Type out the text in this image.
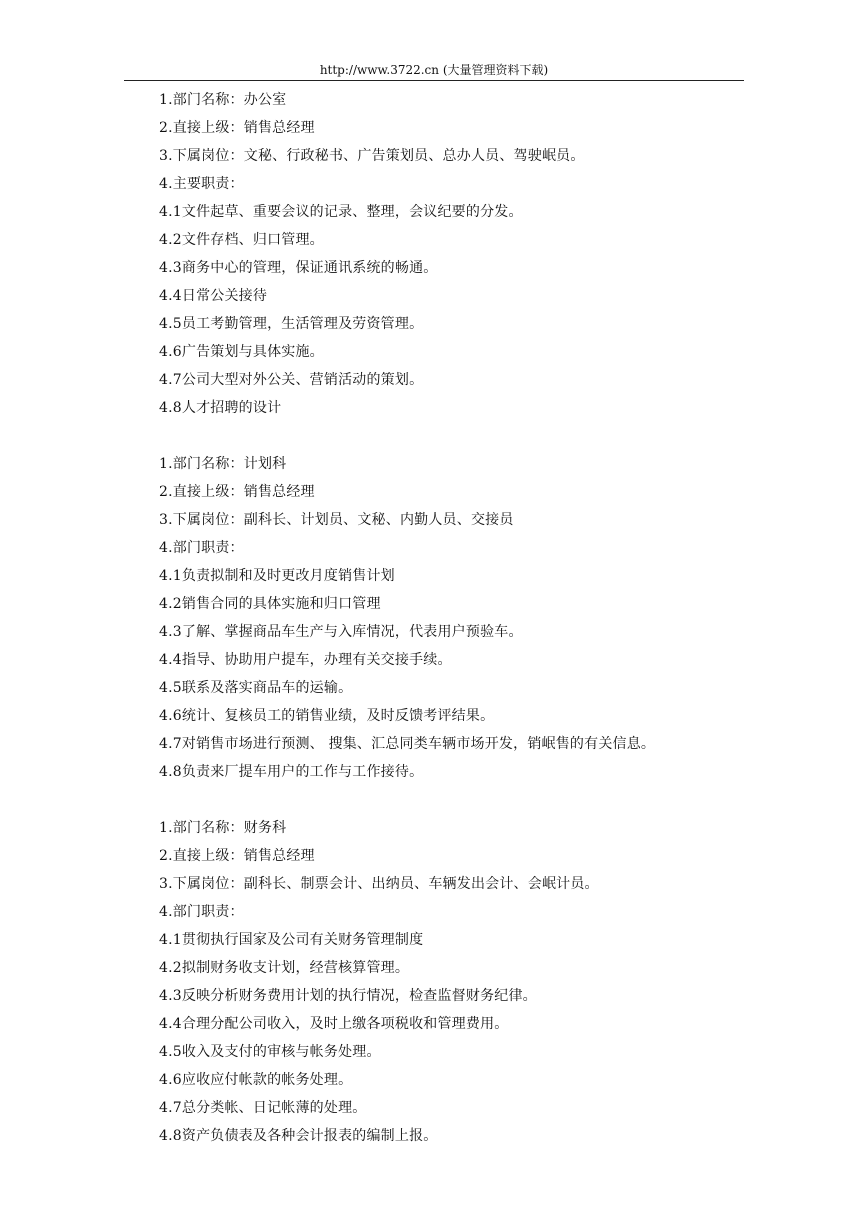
http://www.3722.cn (大量管理资料下载)
1.部门名称：办公室
2.直接上级：销售总经理
3.下属岗位：文秘、行政秘书、广告策划员、总办人员、驾驶岷员。
4.主要职责：
4.1文件起草、重要会议的记录、整理，会议纪要的分发。
4.2文件存档、归口管理。
4.3商务中心的管理，保证通讯系统的畅通。
4.4日常公关接待
4.5员工考勤管理，生活管理及劳资管理。
4.6广告策划与具体实施。
4.7公司大型对外公关、营销活动的策划。
4.8人才招聘的设计
1.部门名称：计划科
2.直接上级：销售总经理
3.下属岗位：副科长、计划员、文秘、内勤人员、交接员
4.部门职责：
4.1负责拟制和及时更改月度销售计划
4.2销售合同的具体实施和归口管理
4.3了解、掌握商品车生产与入库情况，代表用户预验车。
4.4指导、协助用户提车，办理有关交接手续。
4.5联系及落实商品车的运输。
4.6统计、复核员工的销售业绩，及时反馈考评结果。
4.7对销售市场进行预测、 搜集、汇总同类车辆市场开发，销岷售的有关信息。
4.8负责来厂提车用户的工作与工作接待。
1.部门名称：财务科
2.直接上级：销售总经理
3.下属岗位：副科长、制票会计、出纳员、车辆发出会计、会岷计员。
4.部门职责：
4.1贯彻执行国家及公司有关财务管理制度
4.2拟制财务收支计划，经营核算管理。
4.3反映分析财务费用计划的执行情况，检查监督财务纪律。
4.4合理分配公司收入，及时上缴各项税收和管理费用。
4.5收入及支付的审核与帐务处理。
4.6应收应付帐款的帐务处理。
4.7总分类帐、日记帐薄的处理。
4.8资产负债表及各种会计报表的编制上报。
